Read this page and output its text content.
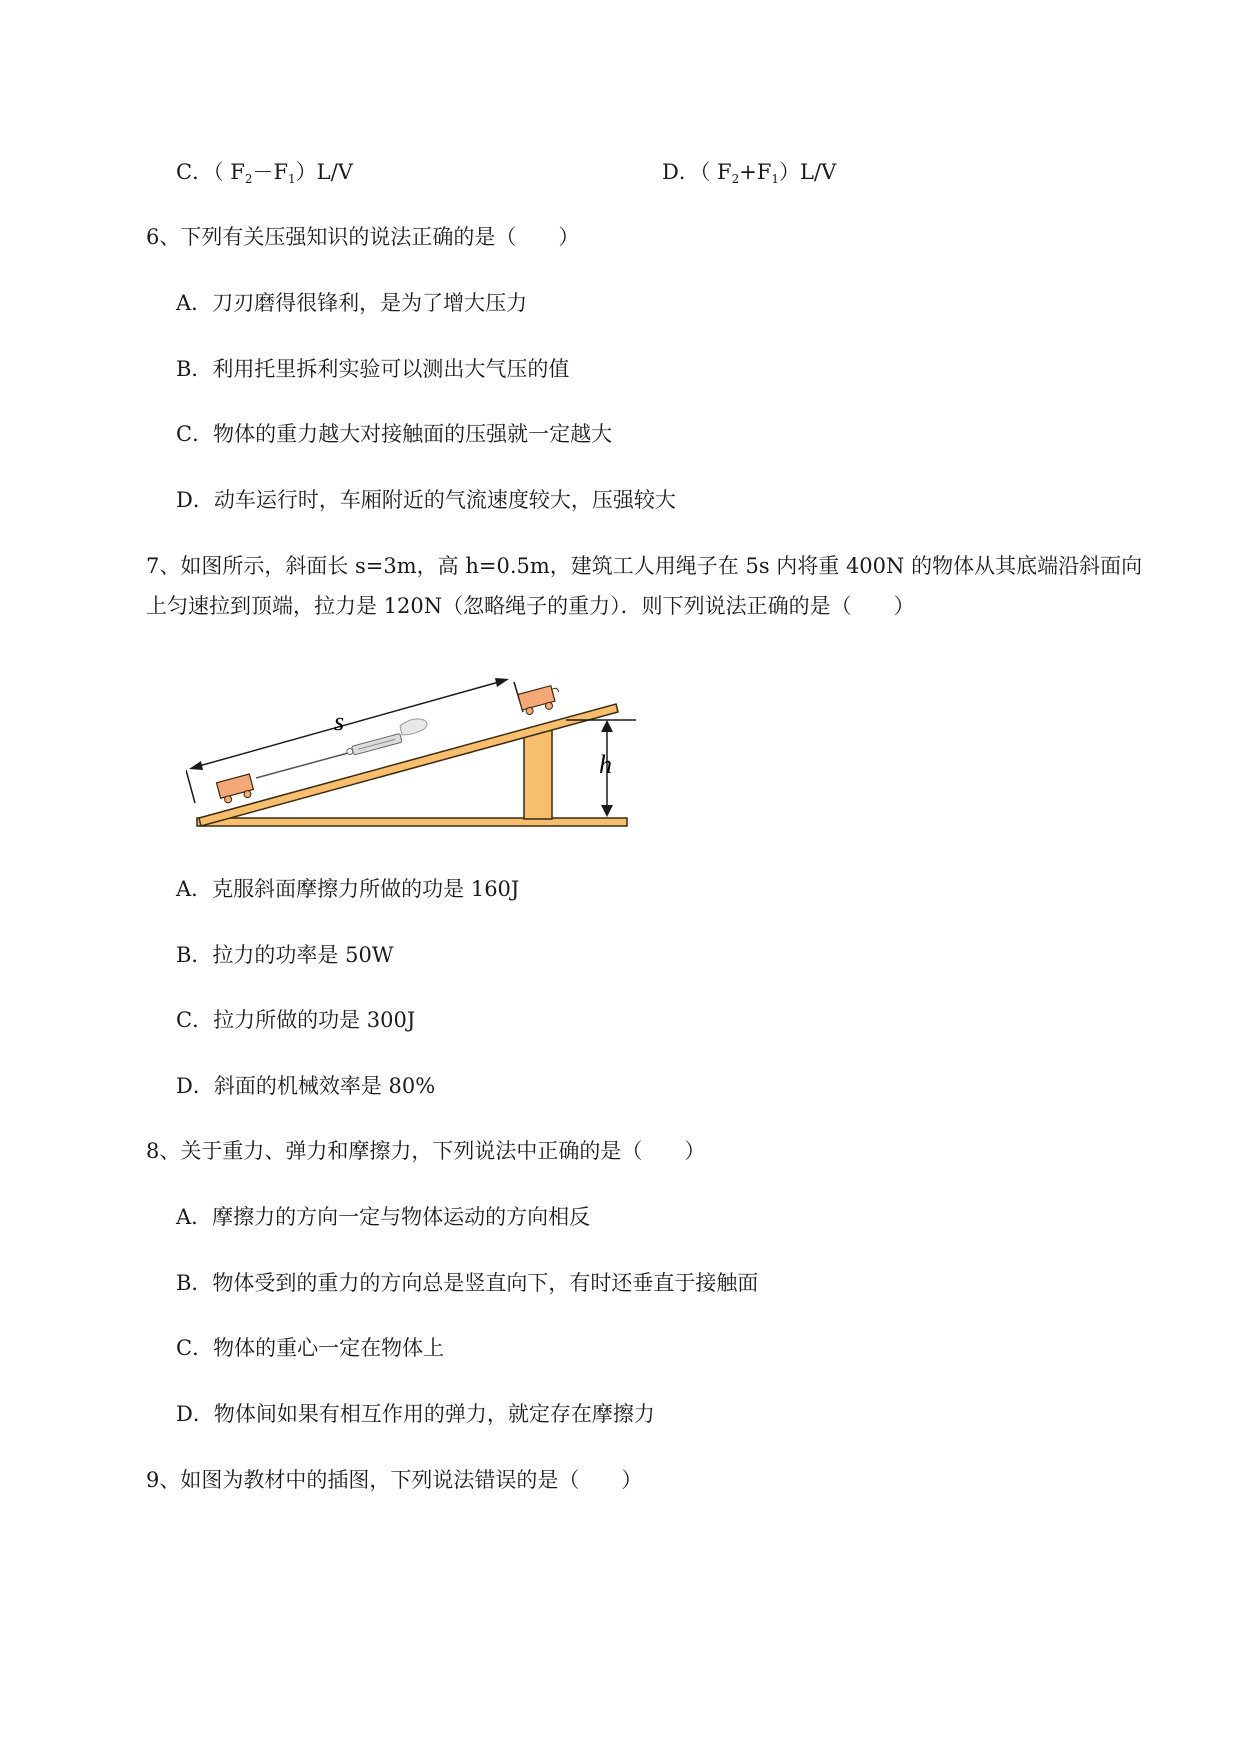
C．（ $F_2-F_1)L/V$	D．（ $F_2+F_1)L/V$
6、下列有关压强知识的说法正确的是（　　）
A．刀刃磨得很锋利，是为了增大压力
B．利用托里拆利实验可以测出大气压的值
C．物体的重力越大对接触面的压强就一定越大
D．动车运行时，车厢附近的气流速度较大，压强较大
7、如图所示，斜面长 s=3m，高 h=0.5m，建筑工人用绳子在 5s 内将重 400N 的物体从其底端沿斜面向
上匀速拉到顶端，拉力是 120N（忽略绳子的重力）．则下列说法正确的是（　　）
h
s
A．克服斜面摩擦力所做的功是 160J
B．拉力的功率是 50W
C．拉力所做的功是 300J
D．斜面的机械效率是 80%
8、关于重力、弹力和摩擦力，下列说法中正确的是（　　）
A．摩擦力的方向一定与物体运动的方向相反
B．物体受到的重力的方向总是竖直向下，有时还垂直于接触面
C．物体的重心一定在物体上
D．物体间如果有相互作用的弹力，就定存在摩擦力
9、如图为教材中的插图，下列说法错误的是（　　）
